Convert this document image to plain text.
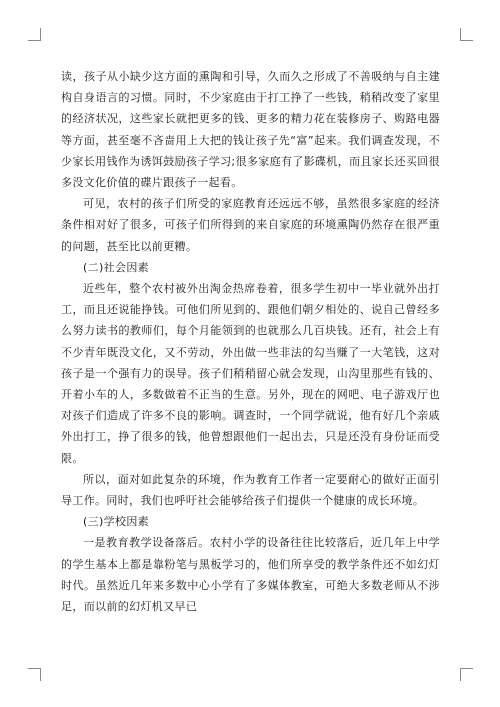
读，孩子从小缺少这方面的熏陶和引导，久而久之形成了不善吸纳与自主建构自身语言的习惯。同时，不少家庭由于打工挣了一些钱，稍稍改变了家里的经济状况，这些家长就把更多的钱、更多的精力花在装修房子、购路电器等方面，甚至毫不吝啬用上大把的钱让孩子先“富”起来。我们调查发现，不少家长用钱作为诱饵鼓励孩子学习;很多家庭有了影碟机，而且家长还买回很多没文化价值的碟片跟孩子一起看。

可见，农村的孩子们所受的家庭教育还远远不够，虽然很多家庭的经济条件相对好了很多，可孩子们所得到的来自家庭的环境熏陶仍然存在很严重的问题，甚至比以前更糟。

(二)社会因素

近些年，整个农村被外出淘金热席卷着，很多学生初中一毕业就外出打工，而且还说能挣钱。可他们所见到的、跟他们朝夕相处的、说自己曾经多么努力读书的教师们，每个月能领到的也就那么几百块钱。还有，社会上有不少青年既没文化，又不劳动，外出做一些非法的勾当赚了一大笔钱，这对孩子是一个强有力的误导。孩子们稍稍留心就会发现，山沟里那些有钱的、开着小车的人，多数做着不正当的生意。另外，现在的网吧、电子游戏厅也对孩子们造成了许多不良的影响。调查时，一个同学就说，他有好几个亲戚外出打工，挣了很多的钱，他曾想跟他们一起出去，只是还没有身份证而受限。

所以，面对如此复杂的环境，作为教育工作者一定要耐心的做好正面引导工作。同时，我们也呼吁社会能够给孩子们提供一个健康的成长环境。

(三)学校因素

一是教育教学设备落后。农村小学的设备往往比较落后，近几年上中学的学生基本上都是靠粉笔与黑板学习的，他们所享受的教学条件还不如幻灯时代。虽然近几年来多数中心小学有了多媒体教室，可绝大多数老师从不涉足，而以前的幻灯机又早已
